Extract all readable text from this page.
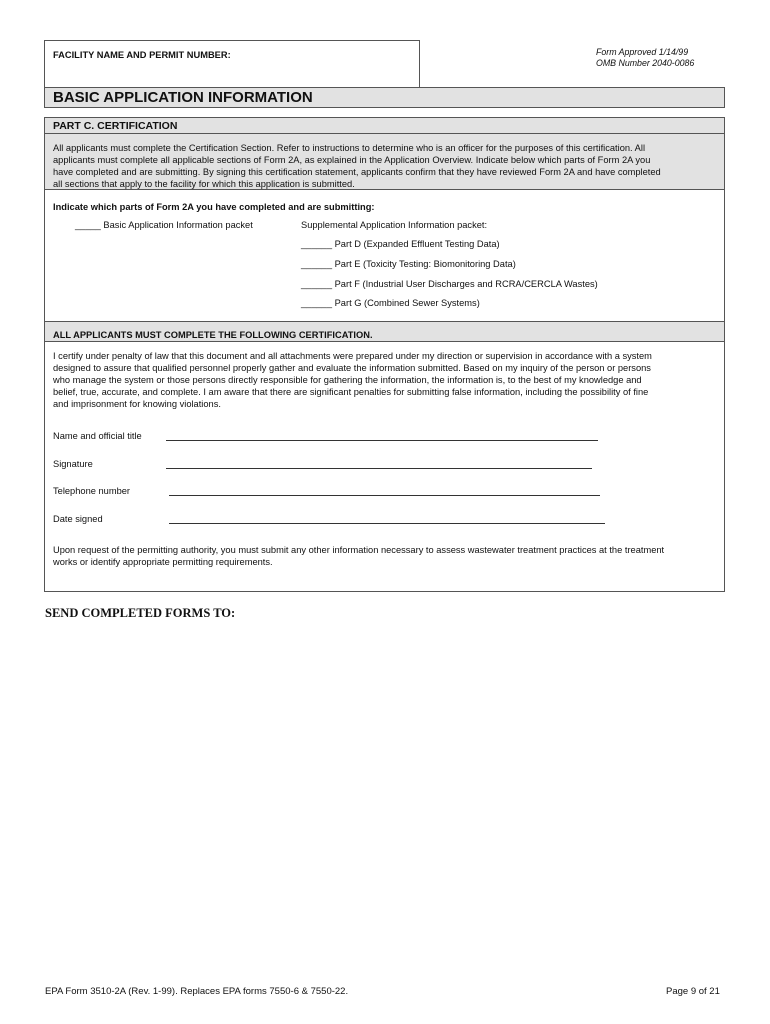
FACILITY NAME AND PERMIT NUMBER:	Form Approved 1/14/99
OMB Number 2040-0086
BASIC APPLICATION INFORMATION
PART C. CERTIFICATION
All applicants must complete the Certification Section. Refer to instructions to determine who is an officer for the purposes of this certification. All
applicants must complete all applicable sections of Form 2A, as explained in the Application Overview. Indicate below which parts of Form 2A you
have completed and are submitting. By signing this certification statement, applicants confirm that they have reviewed Form 2A and have completed
all sections that apply to the facility for which this application is submitted.
Indicate which parts of Form 2A you have completed and are submitting:
_____ Basic Application Information packet	Supplemental Application Information packet:
______ Part D (Expanded Effluent Testing Data)
______ Part E (Toxicity Testing: Biomonitoring Data)
______ Part F (Industrial User Discharges and RCRA/CERCLA Wastes)
______ Part G (Combined Sewer Systems)
ALL APPLICANTS MUST COMPLETE THE FOLLOWING CERTIFICATION.
I certify under penalty of law that this document and all attachments were prepared under my direction or supervision in accordance with a system
designed to assure that qualified personnel properly gather and evaluate the information submitted. Based on my inquiry of the person or persons
who manage the system or those persons directly responsible for gathering the information, the information is, to the best of my knowledge and
belief, true, accurate, and complete. I am aware that there are significant penalties for submitting false information, including the possibility of fine
and imprisonment for knowing violations.
Name and official title
Signature
Telephone number
Date signed
Upon request of the permitting authority, you must submit any other information necessary to assess wastewater treatment practices at the treatment
works or identify appropriate permitting requirements.
SEND COMPLETED FORMS TO:
EPA Form 3510-2A (Rev. 1-99). Replaces EPA forms 7550-6 & 7550-22.	Page 9 of 21
